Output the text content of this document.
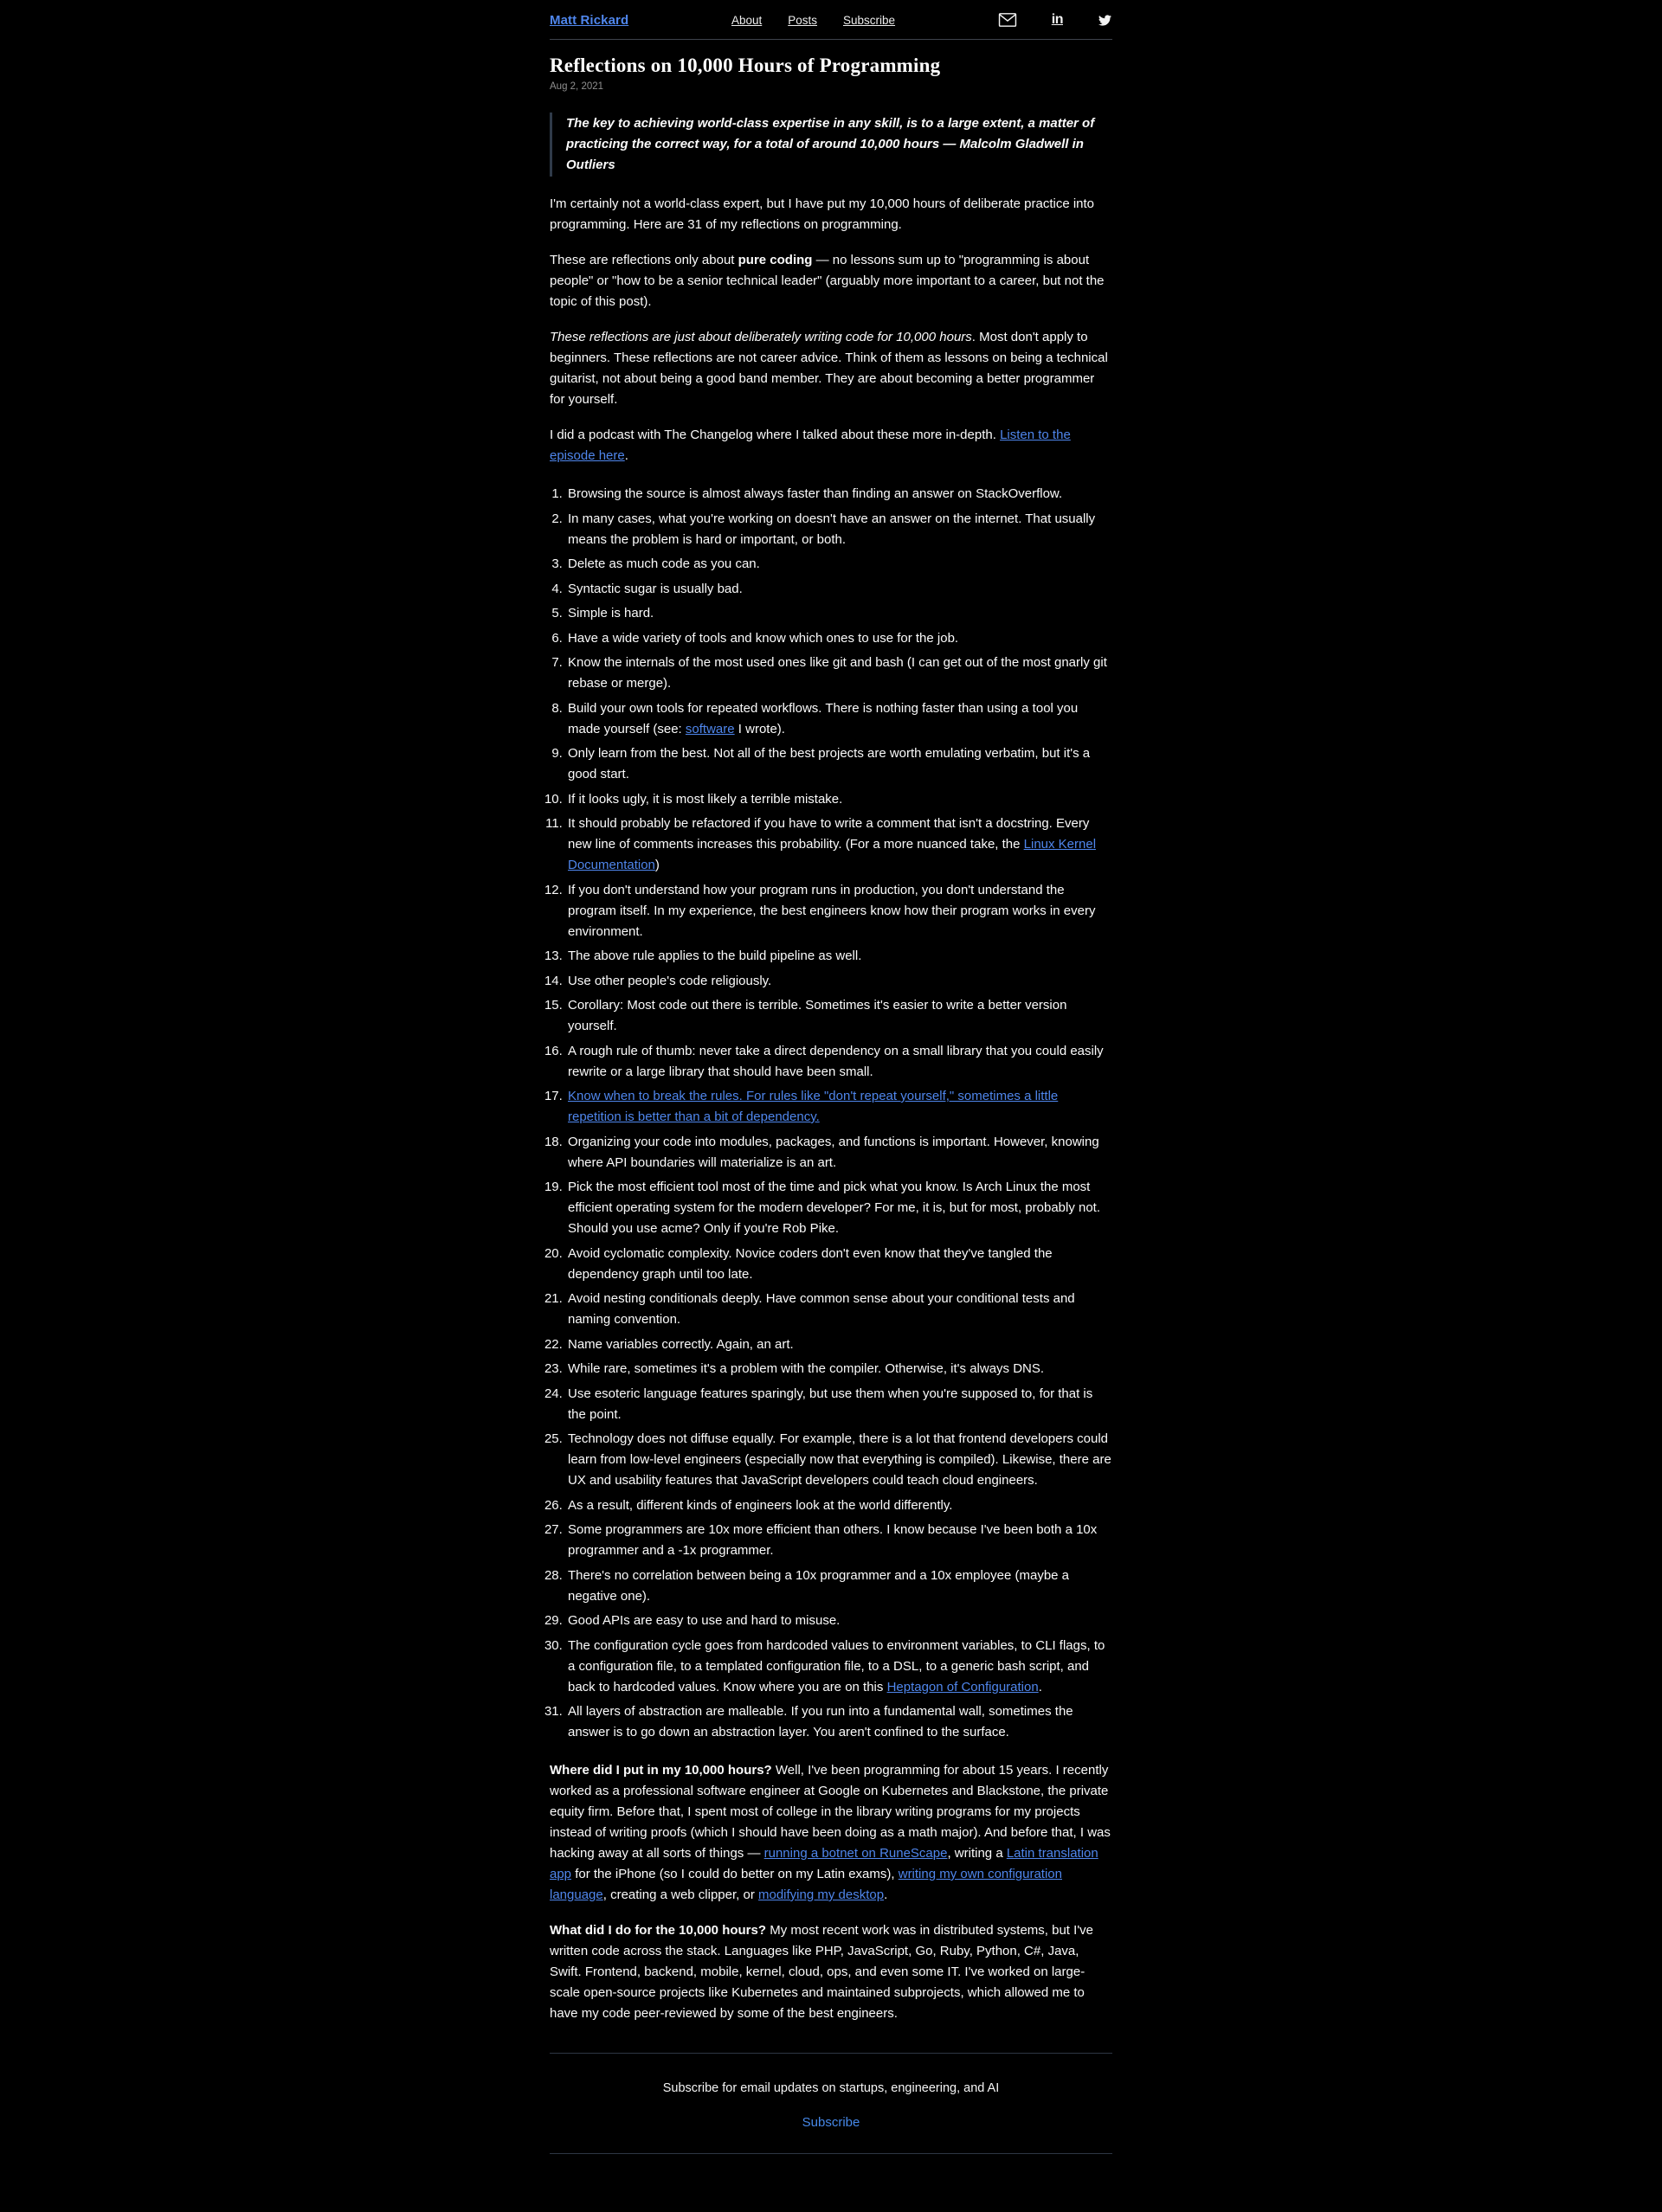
Matt Rickard	About Posts Subscribe	in
Reflections on 10,000 Hours of Programming
Aug 2, 2021
The key to achieving world-class expertise in any skill, is to a large extent, a matter of practicing the correct way, for a total of around 10,000 hours — Malcolm Gladwell in Outliers

I'm certainly not a world-class expert, but I have put my 10,000 hours of deliberate practice into programming. Here are 31 of my reflections on programming.

These are reflections only about pure coding — no lessons sum up to "programming is about people" or "how to be a senior technical leader" (arguably more important to a career, but not the topic of this post).

These reflections are just about deliberately writing code for 10,000 hours. Most don't apply to beginners. These reflections are not career advice. Think of them as lessons on being a technical guitarist, not about being a good band member. They are about becoming a better programmer for yourself.

I did a podcast with The Changelog where I talked about these more in-depth. Listen to the episode here.

1. Browsing the source is almost always faster than finding an answer on StackOverflow.
2. In many cases, what you're working on doesn't have an answer on the internet. That usually means the problem is hard or important, or both.
3. Delete as much code as you can.
4. Syntactic sugar is usually bad.
5. Simple is hard.
6. Have a wide variety of tools and know which ones to use for the job.
7. Know the internals of the most used ones like git and bash (I can get out of the most gnarly git rebase or merge).
8. Build your own tools for repeated workflows. There is nothing faster than using a tool you made yourself (see: software I wrote).
9. Only learn from the best. Not all of the best projects are worth emulating verbatim, but it's a good start.
10. If it looks ugly, it is most likely a terrible mistake.
11. It should probably be refactored if you have to write a comment that isn't a docstring. Every new line of comments increases this probability. (For a more nuanced take, the Linux Kernel Documentation)
12. If you don't understand how your program runs in production, you don't understand the program itself. In my experience, the best engineers know how their program works in every environment.
13. The above rule applies to the build pipeline as well.
14. Use other people's code religiously.
15. Corollary: Most code out there is terrible. Sometimes it's easier to write a better version yourself.
16. A rough rule of thumb: never take a direct dependency on a small library that you could easily rewrite or a large library that should have been small.
17. Know when to break the rules. For rules like "don't repeat yourself," sometimes a little repetition is better than a bit of dependency.
18. Organizing your code into modules, packages, and functions is important. However, knowing where API boundaries will materialize is an art.
19. Pick the most efficient tool most of the time and pick what you know. Is Arch Linux the most efficient operating system for the modern developer? For me, it is, but for most, probably not. Should you use acme? Only if you're Rob Pike.
20. Avoid cyclomatic complexity. Novice coders don't even know that they've tangled the dependency graph until too late.
21. Avoid nesting conditionals deeply. Have common sense about your conditional tests and naming convention.
22. Name variables correctly. Again, an art.
23. While rare, sometimes it's a problem with the compiler. Otherwise, it's always DNS.
24. Use esoteric language features sparingly, but use them when you're supposed to, for that is the point.
25. Technology does not diffuse equally. For example, there is a lot that frontend developers could learn from low-level engineers (especially now that everything is compiled). Likewise, there are UX and usability features that JavaScript developers could teach cloud engineers.
26. As a result, different kinds of engineers look at the world differently.
27. Some programmers are 10x more efficient than others. I know because I've been both a 10x programmer and a -1x programmer.
28. There's no correlation between being a 10x programmer and a 10x employee (maybe a negative one).
29. Good APIs are easy to use and hard to misuse.
30. The configuration cycle goes from hardcoded values to environment variables, to CLI flags, to a configuration file, to a templated configuration file, to a DSL, to a generic bash script, and back to hardcoded values. Know where you are on this Heptagon of Configuration.
31. All layers of abstraction are malleable. If you run into a fundamental wall, sometimes the answer is to go down an abstraction layer. You aren't confined to the surface.

Where did I put in my 10,000 hours? Well, I've been programming for about 15 years. I recently worked as a professional software engineer at Google on Kubernetes and Blackstone, the private equity firm. Before that, I spent most of college in the library writing programs for my projects instead of writing proofs (which I should have been doing as a math major). And before that, I was hacking away at all sorts of things — running a botnet on RuneScape, writing a Latin translation app for the iPhone (so I could do better on my Latin exams), writing my own configuration language, creating a web clipper, or modifying my desktop.

What did I do for the 10,000 hours? My most recent work was in distributed systems, but I've written code across the stack. Languages like PHP, JavaScript, Go, Ruby, Python, C#, Java, Swift. Frontend, backend, mobile, kernel, cloud, ops, and even some IT. I've worked on large-scale open-source projects like Kubernetes and maintained subprojects, which allowed me to have my code peer-reviewed by some of the best engineers.

Subscribe for email updates on startups, engineering, and AI
Subscribe
